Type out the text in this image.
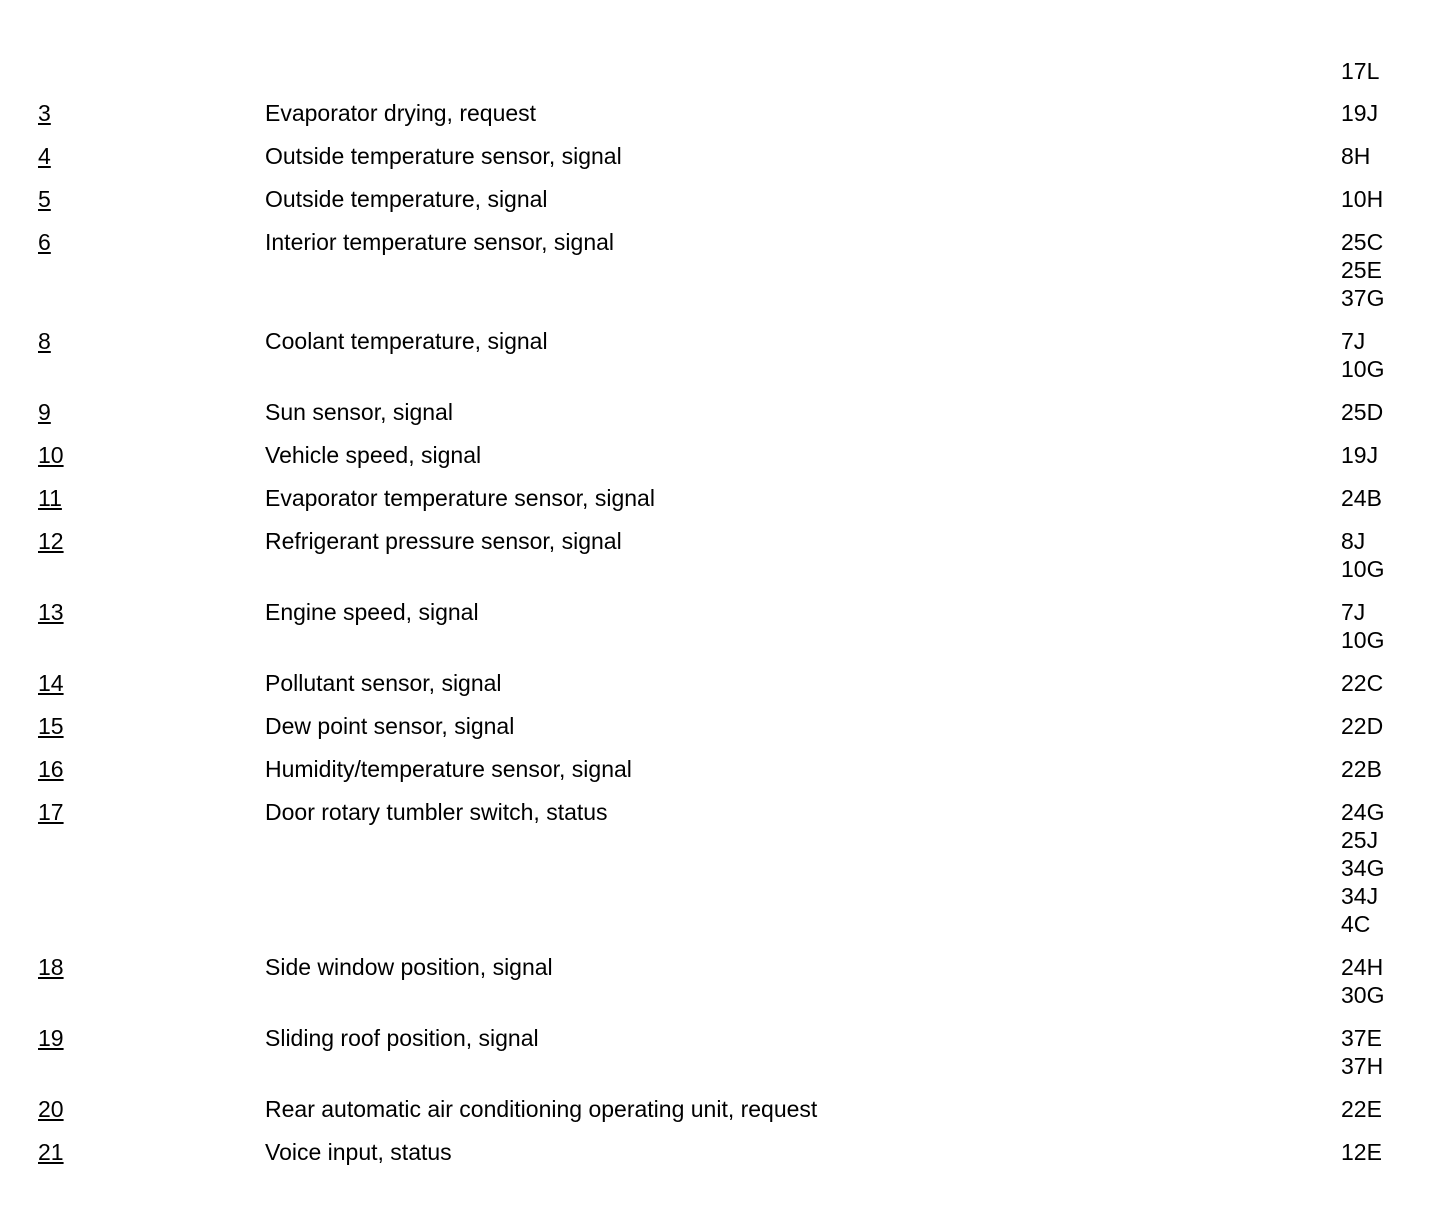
17L
3	Evaporator drying, request	19J
4	Outside temperature sensor, signal	8H
5	Outside temperature, signal	10H
6	Interior temperature sensor, signal	25C
25E
37G
8	Coolant temperature, signal	7J
10G
9	Sun sensor, signal	25D
10	Vehicle speed, signal	19J
11	Evaporator temperature sensor, signal	24B
12	Refrigerant pressure sensor, signal	8J
10G
13	Engine speed, signal	7J
10G
14	Pollutant sensor, signal	22C
15	Dew point sensor, signal	22D
16	Humidity/temperature sensor, signal	22B
17	Door rotary tumbler switch, status	24G
25J
34G
34J
4C
18	Side window position, signal	24H
30G
19	Sliding roof position, signal	37E
37H
20	Rear automatic air conditioning operating unit, request	22E
21	Voice input, status	12E
